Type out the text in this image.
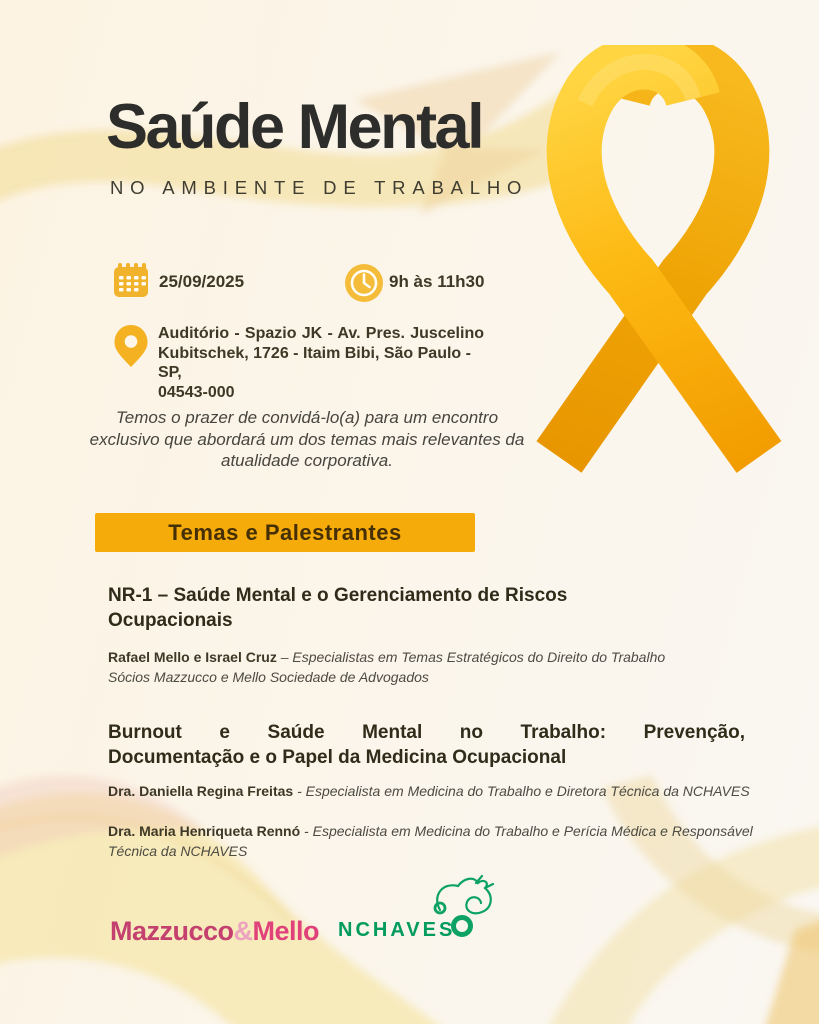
Saúde Mental
NO AMBIENTE DE TRABALHO
25/09/2025	9h às 11h30
Auditório - Spazio JK - Av. Pres. Juscelino
Kubitschek, 1726 - Itaim Bibi, São Paulo - SP,
04543-000

Temos o prazer de convidá-lo(a) para um encontro exclusivo que abordará um dos temas mais relevantes da atualidade corporativa.

Temas e Palestrantes
NR-1 – Saúde Mental e o Gerenciamento de Riscos
Ocupacionais

Rafael Mello e Israel Cruz – Especialistas em Temas Estratégicos do Direito do Trabalho
Sócios Mazzucco e Mello Sociedade de Advogados

Burnout e Saúde Mental no Trabalho: Prevenção,
Documentação e o Papel da Medicina Ocupacional

Dra. Daniella Regina Freitas - Especialista em Medicina do Trabalho e Diretora Técnica da NCHAVES

Dra. Maria Henriqueta Rennó - Especialista em Medicina do Trabalho e Perícia Médica e Responsável
Técnica da NCHAVES

Mazzucco&Mello NCHAVES
